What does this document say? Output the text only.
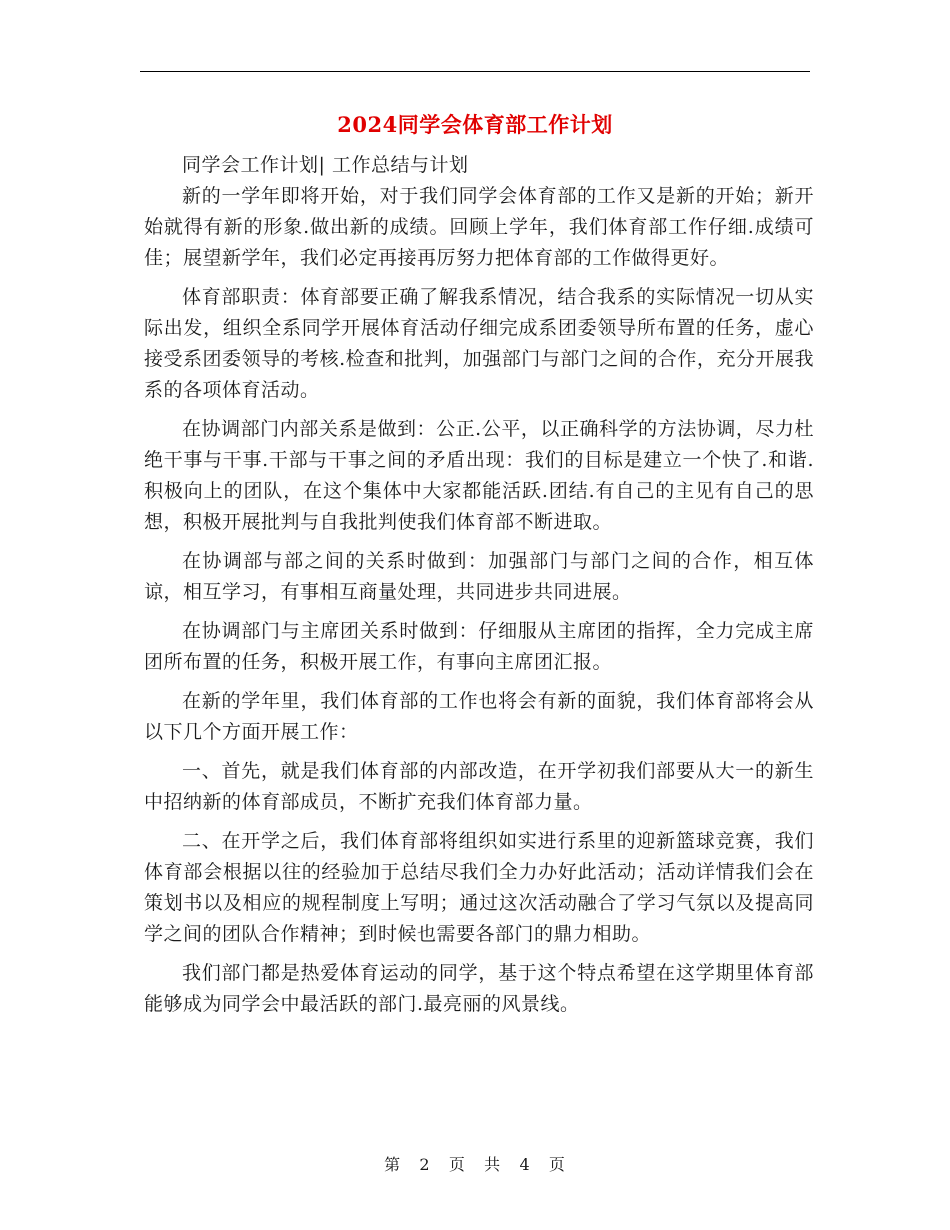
2024同学会体育部工作计划

同学会工作计划| 工作总结与计划

新的一学年即将开始，对于我们同学会体育部的工作又是新的开始；新开始就得有新的形象.做出新的成绩。回顾上学年，我们体育部工作仔细.成绩可佳；展望新学年，我们必定再接再厉努力把体育部的工作做得更好。

体育部职责：体育部要正确了解我系情况，结合我系的实际情况一切从实际出发，组织全系同学开展体育活动仔细完成系团委领导所布置的任务，虚心接受系团委领导的考核.检查和批判，加强部门与部门之间的合作，充分开展我系的各项体育活动。

在协调部门内部关系是做到：公正.公平，以正确科学的方法协调，尽力杜绝干事与干事.干部与干事之间的矛盾出现：我们的目标是建立一个快了.和谐.积极向上的团队，在这个集体中大家都能活跃.团结.有自己的主见有自己的思想，积极开展批判与自我批判使我们体育部不断进取。

在协调部与部之间的关系时做到：加强部门与部门之间的合作，相互体谅，相互学习，有事相互商量处理，共同进步共同进展。

在协调部门与主席团关系时做到：仔细服从主席团的指挥，全力完成主席团所布置的任务，积极开展工作，有事向主席团汇报。

在新的学年里，我们体育部的工作也将会有新的面貌，我们体育部将会从以下几个方面开展工作：

一、首先，就是我们体育部的内部改造，在开学初我们部要从大一的新生中招纳新的体育部成员，不断扩充我们体育部力量。

二、在开学之后，我们体育部将组织如实进行系里的迎新篮球竞赛，我们体育部会根据以往的经验加于总结尽我们全力办好此活动；活动详情我们会在策划书以及相应的规程制度上写明；通过这次活动融合了学习气氛以及提高同学之间的团队合作精神；到时候也需要各部门的鼎力相助。

我们部门都是热爱体育运动的同学，基于这个特点希望在这学期里体育部能够成为同学会中最活跃的部门.最亮丽的风景线。

第 2 页 共 4 页
